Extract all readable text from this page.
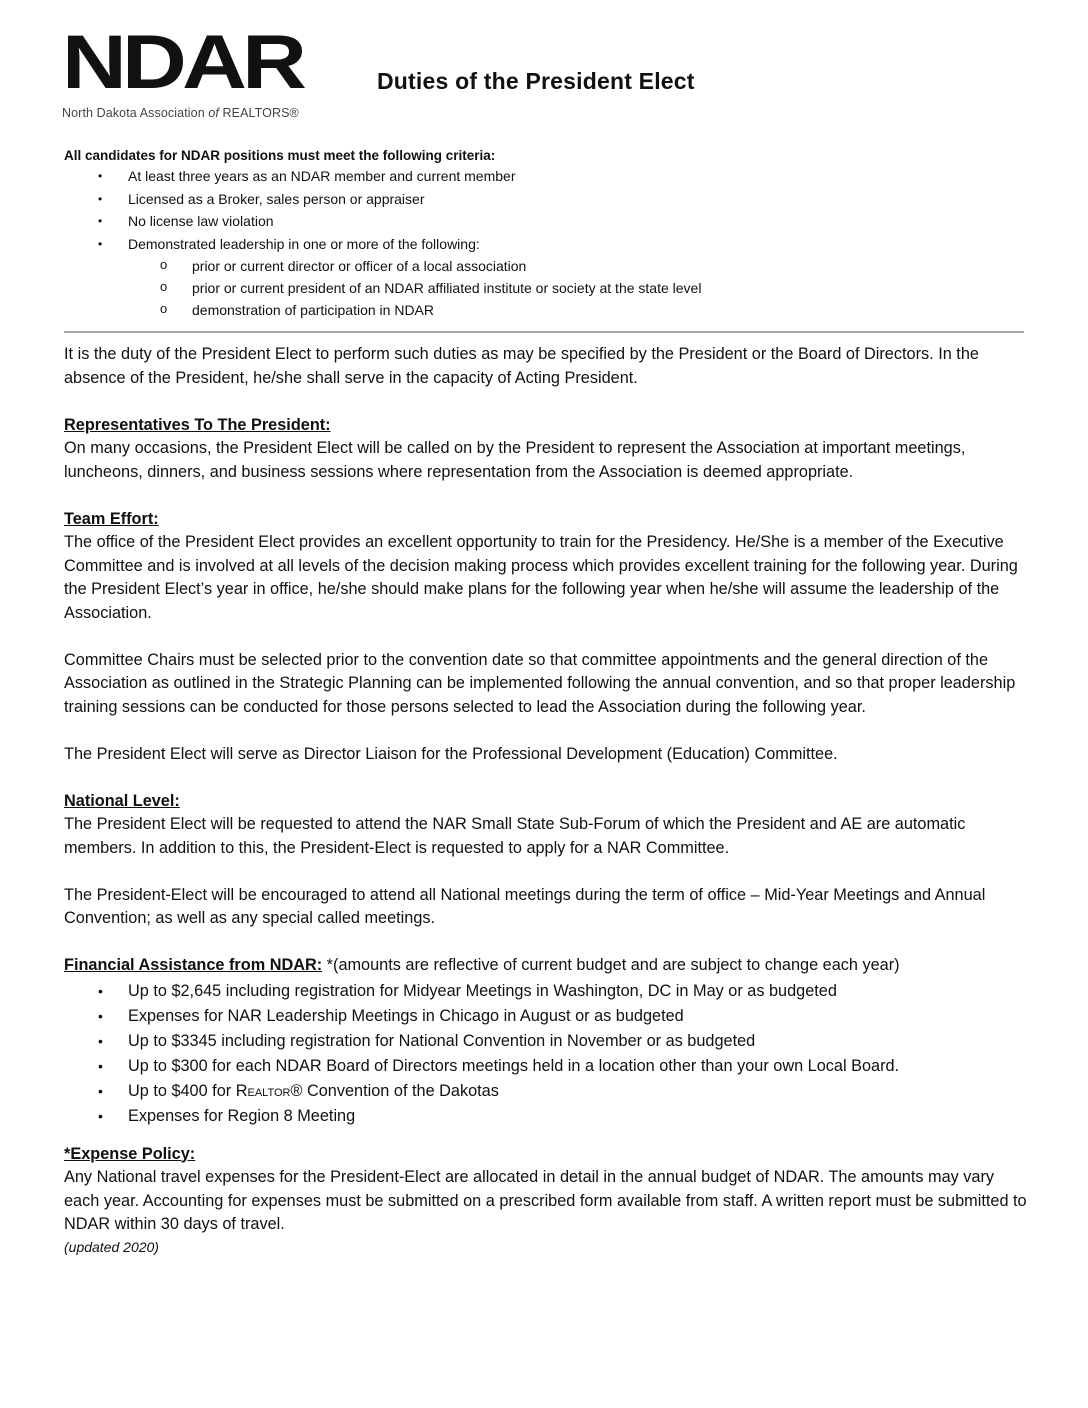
NDAR
North Dakota Association of REALTORS®
Duties of the President Elect
All candidates for NDAR positions must meet the following criteria:
• At least three years as an NDAR member and current member
• Licensed as a Broker, sales person or appraiser
• No license law violation
• Demonstrated leadership in one or more of the following:
o prior or current director or officer of a local association
o prior or current president of an NDAR affiliated institute or society at the state level
o demonstration of participation in NDAR

It is the duty of the President Elect to perform such duties as may be specified by the President or the Board of Directors. In the absence of the President, he/she shall serve in the capacity of Acting President.

Representatives To The President:

On many occasions, the President Elect will be called on by the President to represent the Association at important meetings, luncheons, dinners, and business sessions where representation from the Association is deemed appropriate.

Team Effort:

The office of the President Elect provides an excellent opportunity to train for the Presidency. He/She is a member of the Executive Committee and is involved at all levels of the decision making process which provides excellent training for the following year. During the President Elect’s year in office, he/she should make plans for the following year when he/she will assume the leadership of the Association.

Committee Chairs must be selected prior to the convention date so that committee appointments and the general direction of the Association as outlined in the Strategic Planning can be implemented following the annual convention, and so that proper leadership training sessions can be conducted for those persons selected to lead the Association during the following year.

The President Elect will serve as Director Liaison for the Professional Development (Education) Committee.

National Level:

The President Elect will be requested to attend the NAR Small State Sub-Forum of which the President and AE are automatic members. In addition to this, the President-Elect is requested to apply for a NAR Committee.

The President-Elect will be encouraged to attend all National meetings during the term of office – Mid-Year Meetings and Annual Convention; as well as any special called meetings.

Financial Assistance from NDAR: *(amounts are reflective of current budget and are subject to change each year)

• Up to $2,645 including registration for Midyear Meetings in Washington, DC in May or as budgeted
• Expenses for NAR Leadership Meetings in Chicago in August or as budgeted
• Up to $3345 including registration for National Convention in November or as budgeted
• Up to $300 for each NDAR Board of Directors meetings held in a location other than your own Local Board.
• Up to $400 for Realtor® Convention of the Dakotas
• Expenses for Region 8 Meeting

*Expense Policy:

Any National travel expenses for the President-Elect are allocated in detail in the annual budget of NDAR. The amounts may vary each year. Accounting for expenses must be submitted on a prescribed form available from staff. A written report must be submitted to NDAR within 30 days of travel.

(updated 2020)
